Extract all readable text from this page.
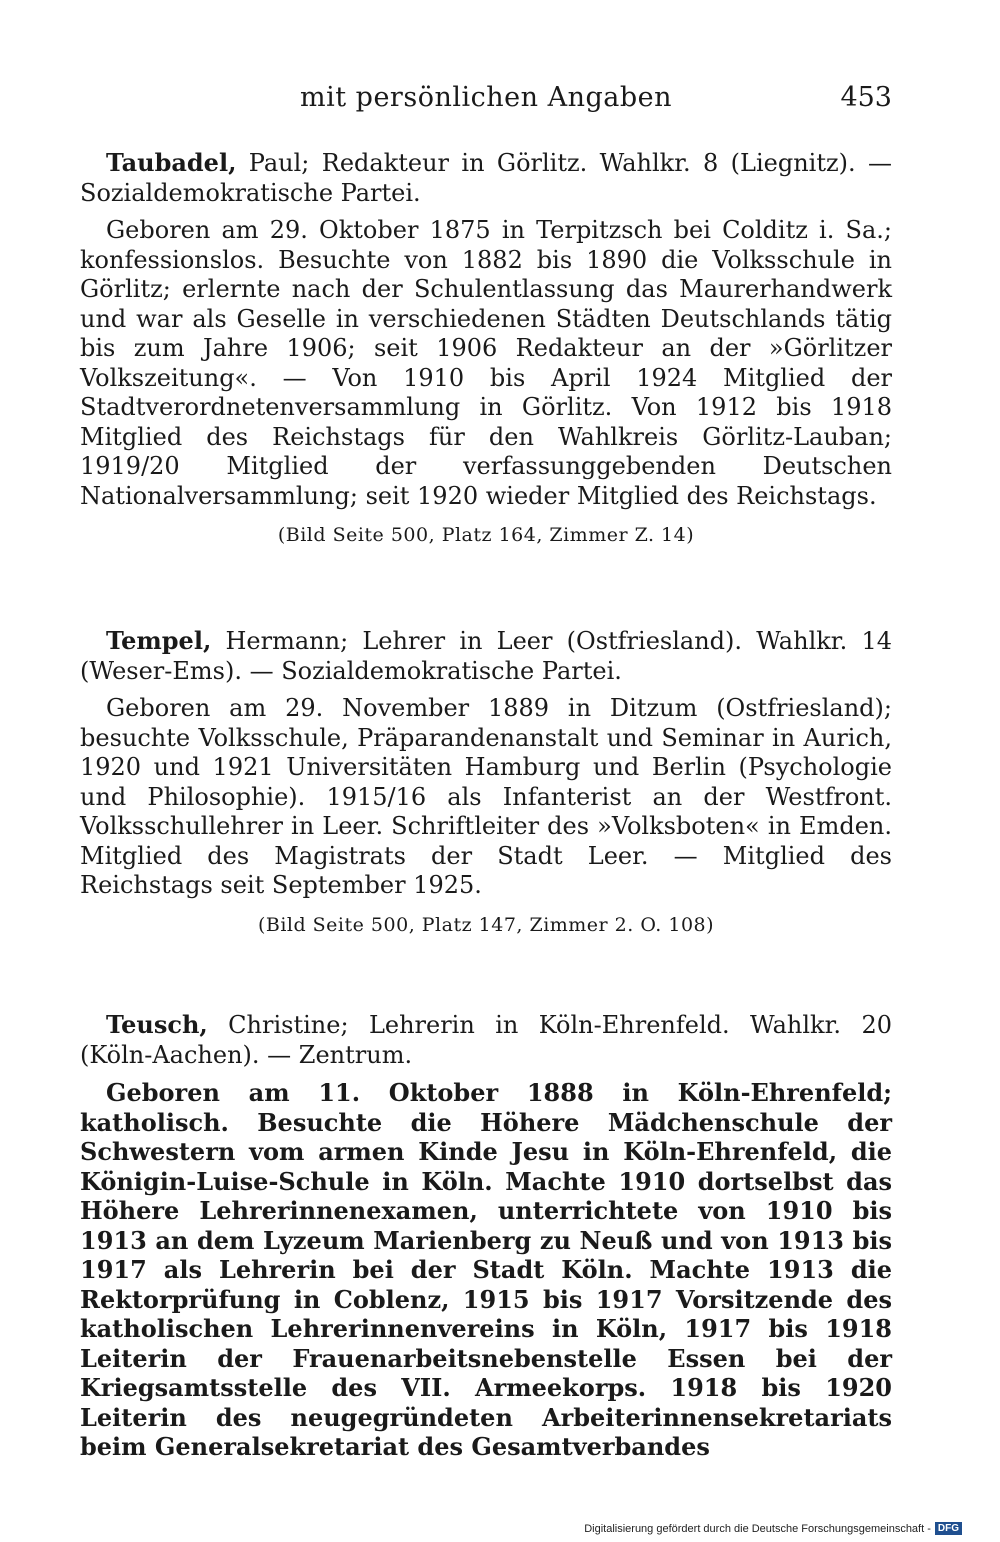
mit persönlichen Angaben	453

Taubadel, Paul; Redakteur in Görlitz. Wahlkr. 8 (Liegnitz). — Sozialdemokratische Partei.

Geboren am 29. Oktober 1875 in Terpitzsch bei Colditz i. Sa.; konfessionslos. Besuchte von 1882 bis 1890 die Volksschule in Görlitz; erlernte nach der Schulentlassung das Maurerhandwerk und war als Geselle in verschiedenen Städten Deutschlands tätig bis zum Jahre 1906; seit 1906 Redakteur an der »Görlitzer Volkszeitung«. — Von 1910 bis April 1924 Mitglied der Stadtverordnetenversammlung in Görlitz. Von 1912 bis 1918 Mitglied des Reichstags für den Wahlkreis Görlitz-Lauban; 1919/20 Mitglied der verfassunggebenden Deutschen Nationalversammlung; seit 1920 wieder Mitglied des Reichstags.

(Bild Seite 500, Platz 164, Zimmer Z. 14)

Tempel, Hermann; Lehrer in Leer (Ostfriesland). Wahlkr. 14 (Weser-Ems). — Sozialdemokratische Partei.

Geboren am 29. November 1889 in Ditzum (Ostfriesland); besuchte Volksschule, Präparandenanstalt und Seminar in Aurich, 1920 und 1921 Universitäten Hamburg und Berlin (Psychologie und Philosophie). 1915/16 als Infanterist an der Westfront. Volksschullehrer in Leer. Schriftleiter des »Volksboten« in Emden. Mitglied des Magistrats der Stadt Leer. — Mitglied des Reichstags seit September 1925.

(Bild Seite 500, Platz 147, Zimmer 2. O. 108)

Teusch, Christine; Lehrerin in Köln-Ehrenfeld. Wahlkr. 20 (Köln-Aachen). — Zentrum.

Geboren am 11. Oktober 1888 in Köln-Ehrenfeld; katholisch. Besuchte die Höhere Mädchenschule der Schwestern vom armen Kinde Jesu in Köln-Ehrenfeld, die Königin-Luise-Schule in Köln. Machte 1910 dortselbst das Höhere Lehrerinnenexamen, unterrichtete von 1910 bis 1913 an dem Lyzeum Marienberg zu Neuß und von 1913 bis 1917 als Lehrerin bei der Stadt Köln. Machte 1913 die Rektorprüfung in Coblenz, 1915 bis 1917 Vorsitzende des katholischen Lehrerinnenvereins in Köln, 1917 bis 1918 Leiterin der Frauenarbeitsnebenstelle Essen bei der Kriegsamtsstelle des VII. Armeekorps. 1918 bis 1920 Leiterin des neugegründeten Arbeiterinnensekretariats beim Generalsekretariat des Gesamtverbandes

Digitalisierung gefördert durch die Deutsche Forschungsgemeinschaft - DFG
